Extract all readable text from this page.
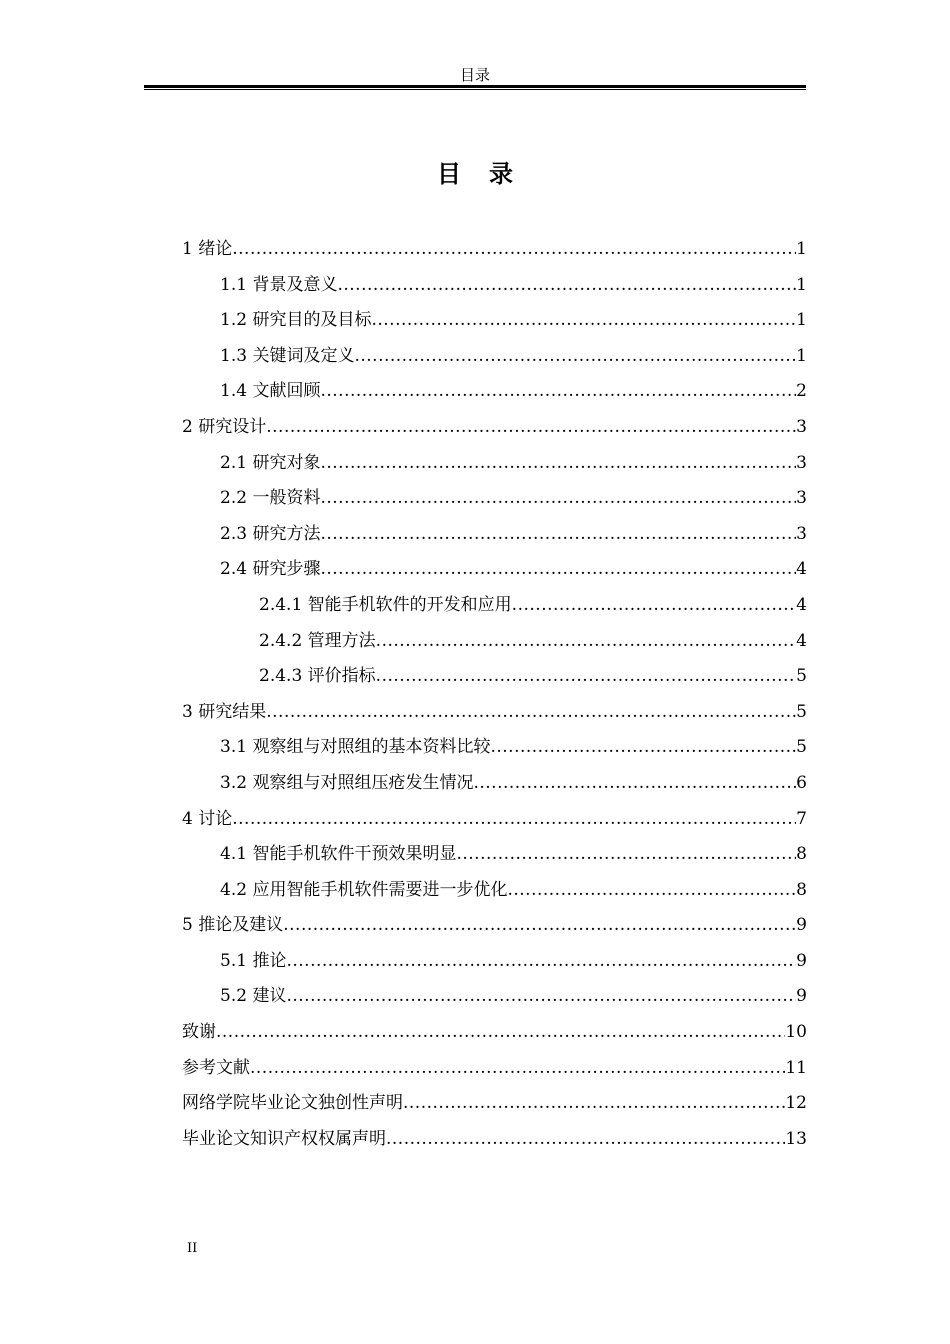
目录
目录
1 绪论 .....	1
1.1 背景及意义 .....	1
1.2 研究目的及目标 .....	1
1.3 关键词及定义 .....	1
1.4 文献回顾 .....	2
2 研究设计 .....	3
2.1 研究对象 .....	3
2.2 一般资料 .....	3
2.3 研究方法 .....	3
2.4 研究步骤 .....	4
2.4.1 智能手机软件的开发和应用 .....	4
2.4.2 管理方法 .....	4
2.4.3 评价指标 .....	5
3 研究结果 .....	5
3.1 观察组与对照组的基本资料比较 .....	5
3.2 观察组与对照组压疮发生情况 .....	6
4 讨论 .....	7
4.1 智能手机软件干预效果明显 .....	8
4.2 应用智能手机软件需要进一步优化 .....	8
5 推论及建议 .....	9
5.1 推论 .....	9
5.2 建议 .....	9
致谢 .....	10
参考文献 .....	11
网络学院毕业论文独创性声明 .....	12
毕业论文知识产权权属声明 .....	13
II
